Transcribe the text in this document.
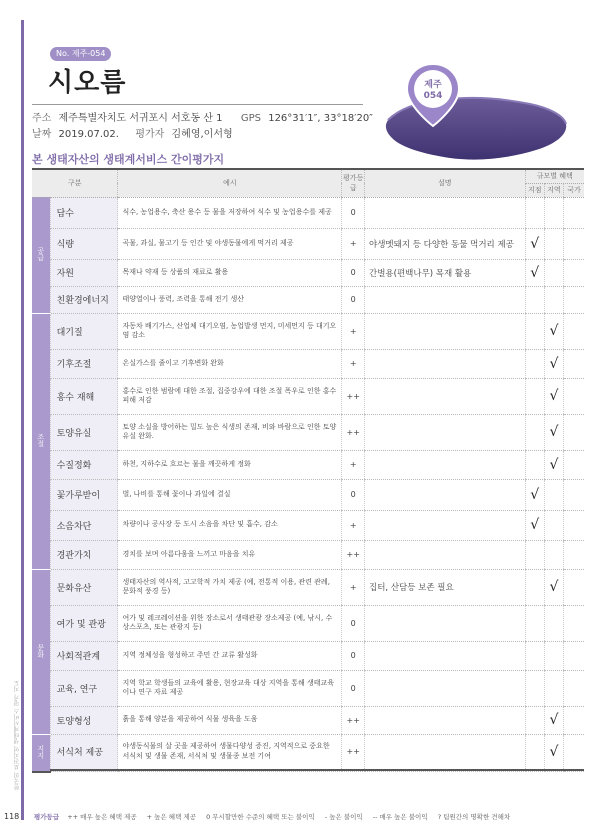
한국의 보전지역 생태계서비스 평가 지도
No. 제주-054
시오름	제주
054
주소 제주특별자치도 서귀포시 서호동 산 1 GPS 126°31′1″, 33°18′20″
날짜 2019.07.02. 평가자 김혜영,이서형
본 생태자산의 생태계서비스 간이평가지
구분		예시	평가등급	설명	규모별 혜택		
					지점	지역	국가
공급	담수	식수, 농업용수, 축산 용수 등 물을 저장하여 식수 및 농업용수를 제공	0				
	식량	곡물, 과실, 물고기 등 인간 및 야생동물에게 먹거리 제공	+	야생멧돼지 등 다양한 동물 먹거리 제공	√		
	자원	목재나 약재 등 상품의 재료로 활용	0	간벌용(편백나무) 목재 활용	√		
	친환경에너지	태양열이나 풍력, 조력을 통해 전기 생산	0				
조절	대기질	자동차 배기가스, 산업체 대기오염, 농업발생 먼지, 미세먼지 등 대기오염 감소	+			√	
	기후조절	온실가스를 줄이고 기후변화 완화	+			√	
	홍수 재해	홍수로 인한 범람에 대한 조절, 집중강우에 대한 조절 폭우로 인한 홍수피해 저감	++			√	
	토양유실	토양 소실을 방어하는 밀도 높은 식생의 존재, 비와 바람으로 인한 토양유실 완화.	++			√	
	수질정화	하천, 지하수로 흐르는 물을 깨끗하게 정화	+			√	
	꽃가루받이	벌, 나비를 통해 꽃이나 과일에 결실	0		√		
	소음차단	차량이나 공사장 등 도시 소음을 차단 및 흡수, 감소	+		√		
	경관가치	경치를 보며 아름다움을 느끼고 마음을 치유	++				
문화	문화유산	생태자산의 역사적, 고고학적 가치 제공 (예, 전통적 이용, 관련 관례, 문화적 풍경 등)	+	집터, 산담등 보존 필요		√	
	여가 및 관광	여가 및 레크레이션을 위한 장소로서 생태관광 장소제공 (예, 낚시, 수상스포츠, 또는 관광지 등)	0				
	사회적관계	지역 정체성을 형성하고 주민 간 교류 활성화	0				
	교육, 연구	지역 학교 학생들의 교육에 활용, 현장교육 대상 지역을 통해 생태교육이나 연구 자료 제공	0				
	토양형성	흙을 통해 양분을 제공하여 식물 생육을 도움	++			√	
지지	서식처 제공	야생동식물의 살 곳을 제공하여 생물다양성 증진, 지역적으로 중요한 서식처 및 생물 존재, 서식처 및 생물종 보전 기여	++			√	

118 평가등급 ++ 매우 높은 혜택 제공 + 높은 혜택 제공 0 무시할만한 수준의 혜택 또는 불이익 - 높은 불이익 -- 매우 높은 불이익 ? 팀원간의 명확한 견해차
